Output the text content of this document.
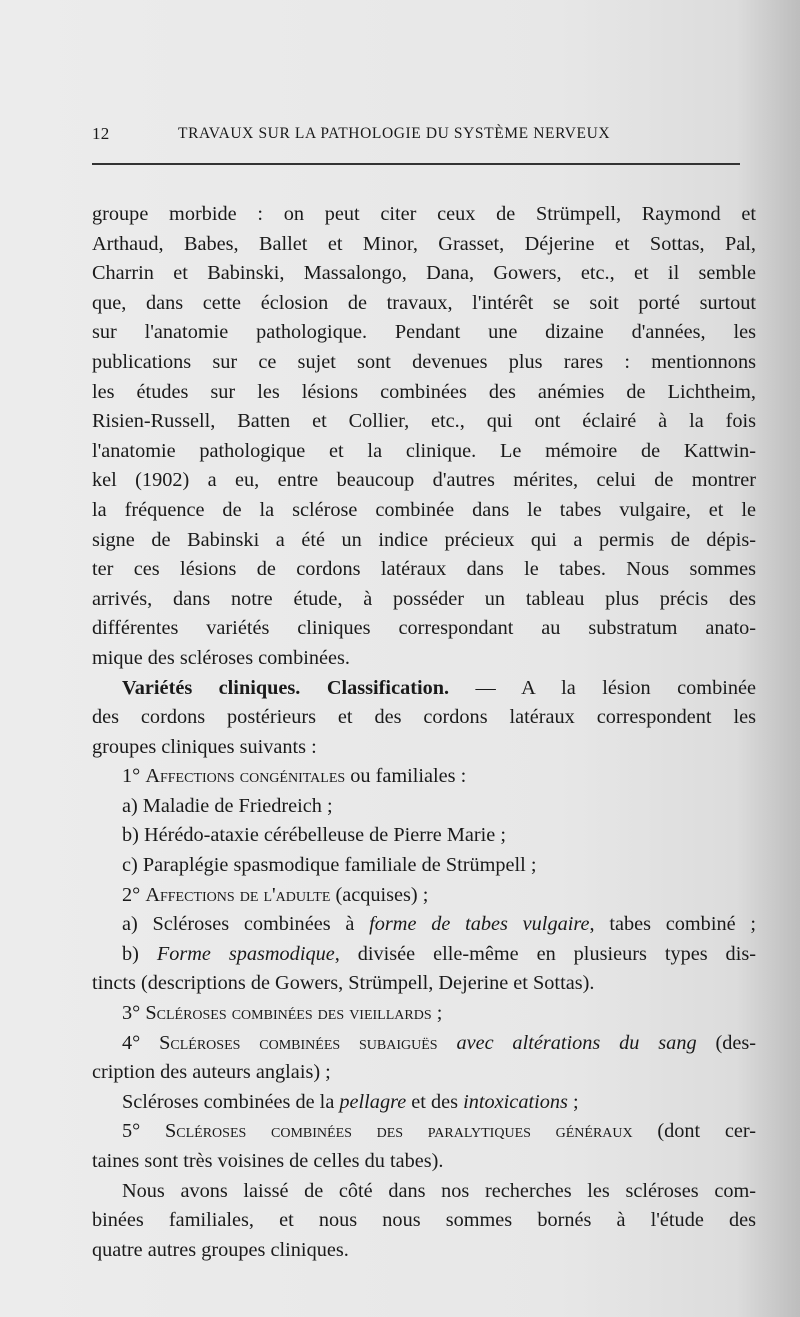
12	TRAVAUX SUR LA PATHOLOGIE DU SYSTÈME NERVEUX
groupe morbide : on peut citer ceux de Strümpell, Raymond et
Arthaud, Babes, Ballet et Minor, Grasset, Déjerine et Sottas, Pal,
Charrin et Babinski, Massalongo, Dana, Gowers, etc., et il semble
que, dans cette éclosion de travaux, l'intérêt se soit porté surtout
sur l'anatomie pathologique. Pendant une dizaine d'années, les
publications sur ce sujet sont devenues plus rares : mentionnons
les études sur les lésions combinées des anémies de Lichtheim,
Risien-Russell, Batten et Collier, etc., qui ont éclairé à la fois
l'anatomie pathologique et la clinique. Le mémoire de Kattwin-
kel (1902) a eu, entre beaucoup d'autres mérites, celui de montrer
la fréquence de la sclérose combinée dans le tabes vulgaire, et le
signe de Babinski a été un indice précieux qui a permis de dépis-
ter ces lésions de cordons latéraux dans le tabes. Nous sommes
arrivés, dans notre étude, à posséder un tableau plus précis des
différentes variétés cliniques correspondant au substratum anato-
mique des scléroses combinées.
Variétés cliniques. Classification. — A la lésion combinée
des cordons postérieurs et des cordons latéraux correspondent les
groupes cliniques suivants :
1° Affections congénitales ou familiales :
a) Maladie de Friedreich ;
b) Hérédo-ataxie cérébelleuse de Pierre Marie ;
c) Paraplégie spasmodique familiale de Strümpell ;
2° Affections de l'adulte (acquises) ;
a) Scléroses combinées à forme de tabes vulgaire, tabes combiné ;
b) Forme spasmodique, divisée elle-même en plusieurs types dis-
tincts (descriptions de Gowers, Strümpell, Dejerine et Sottas).
3° Scléroses combinées des vieillards ;
4° Scléroses combinées subaiguës avec altérations du sang (des-
cription des auteurs anglais) ;
Scléroses combinées de la pellagre et des intoxications ;
5° Scléroses combinées des paralytiques généraux (dont cer-
taines sont très voisines de celles du tabes).
Nous avons laissé de côté dans nos recherches les scléroses com-
binées familiales, et nous nous sommes bornés à l'étude des
quatre autres groupes cliniques.
